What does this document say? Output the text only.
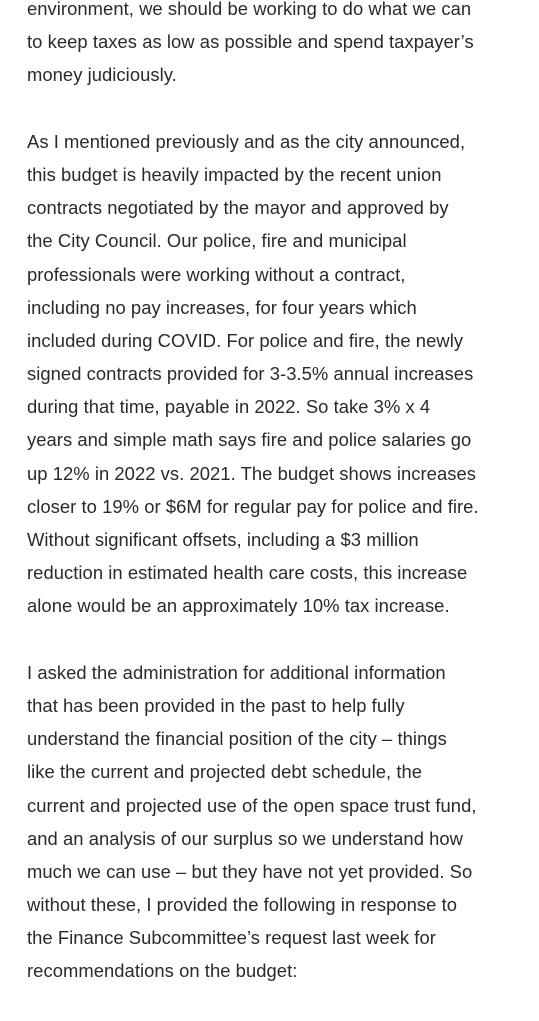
environment, we should be working to do what we can
to keep taxes as low as possible and spend taxpayer’s
money judiciously.

As I mentioned previously and as the city announced,
this budget is heavily impacted by the recent union
contracts negotiated by the mayor and approved by
the City Council. Our police, fire and municipal
professionals were working without a contract,
including no pay increases, for four years which
included during COVID. For police and fire, the newly
signed contracts provided for 3-3.5% annual increases
during that time, payable in 2022. So take 3% x 4
years and simple math says fire and police salaries go
up 12% in 2022 vs. 2021. The budget shows increases
closer to 19% or $6M for regular pay for police and fire.
Without significant offsets, including a $3 million
reduction in estimated health care costs, this increase
alone would be an approximately 10% tax increase.

I asked the administration for additional information
that has been provided in the past to help fully
understand the financial position of the city – things
like the current and projected debt schedule, the
current and projected use of the open space trust fund,
and an analysis of our surplus so we understand how
much we can use – but they have not yet provided. So
without these, I provided the following in response to
the Finance Subcommittee’s request last week for
recommendations on the budget:
